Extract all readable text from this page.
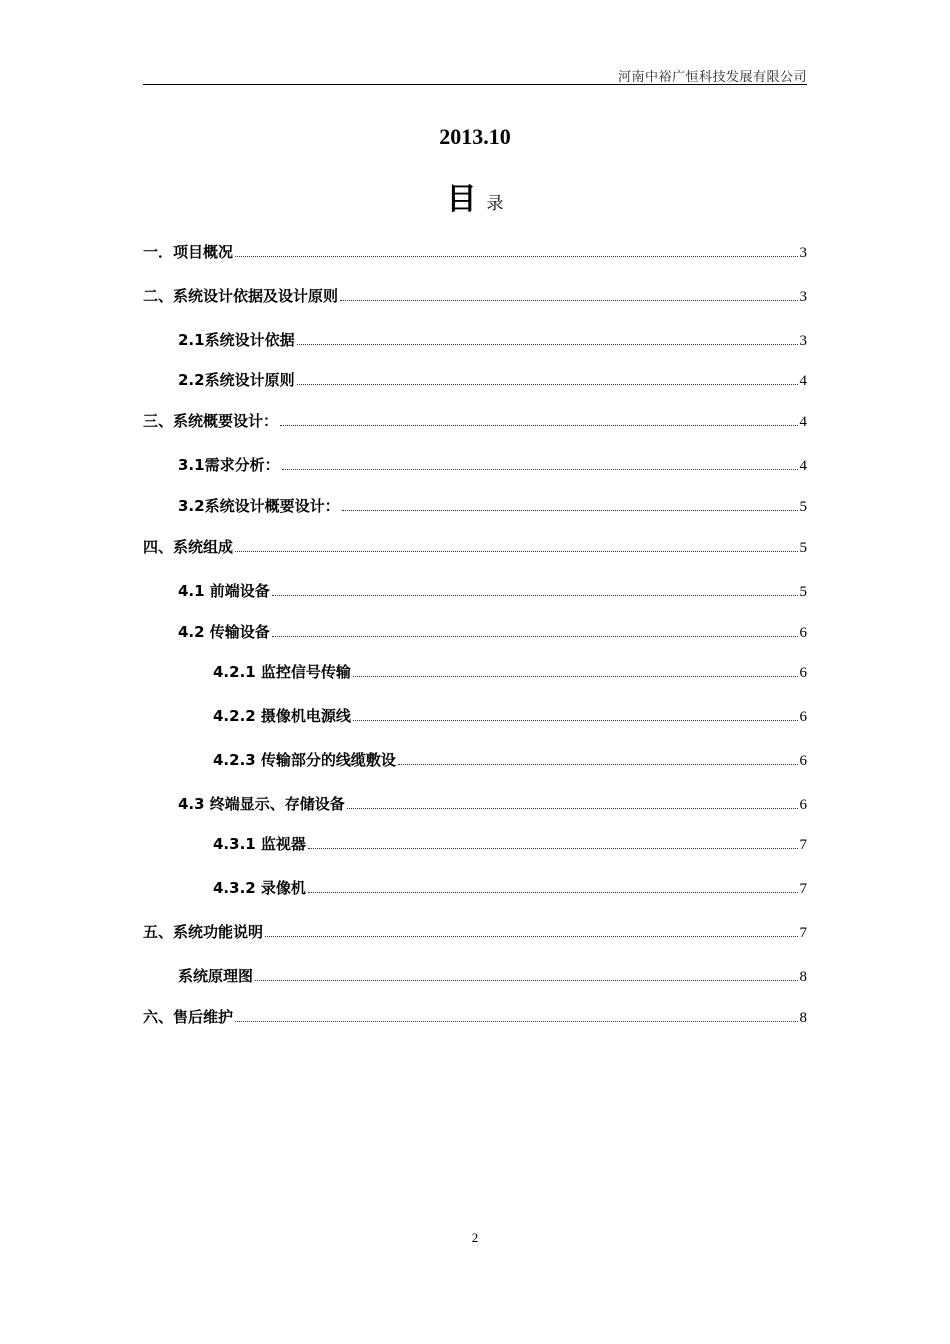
河南中裕广恒科技发展有限公司
2013.10
目录
一．项目概况	3
二、系统设计依据及设计原则	3
2.1系统设计依据	3
2.2系统设计原则	4
三、系统概要设计：	4
3.1需求分析：	4
3.2系统设计概要设计：	5
四、系统组成	5
4.1 前端设备	5
4.2 传输设备	6
4.2.1 监控信号传输	6
4.2.2 摄像机电源线	6
4.2.3 传输部分的线缆敷设	6
4.3 终端显示、存储设备	6
4.3.1 监视器	7
4.3.2 录像机	7
五、系统功能说明	7
系统原理图	8
六、售后维护	8
2
